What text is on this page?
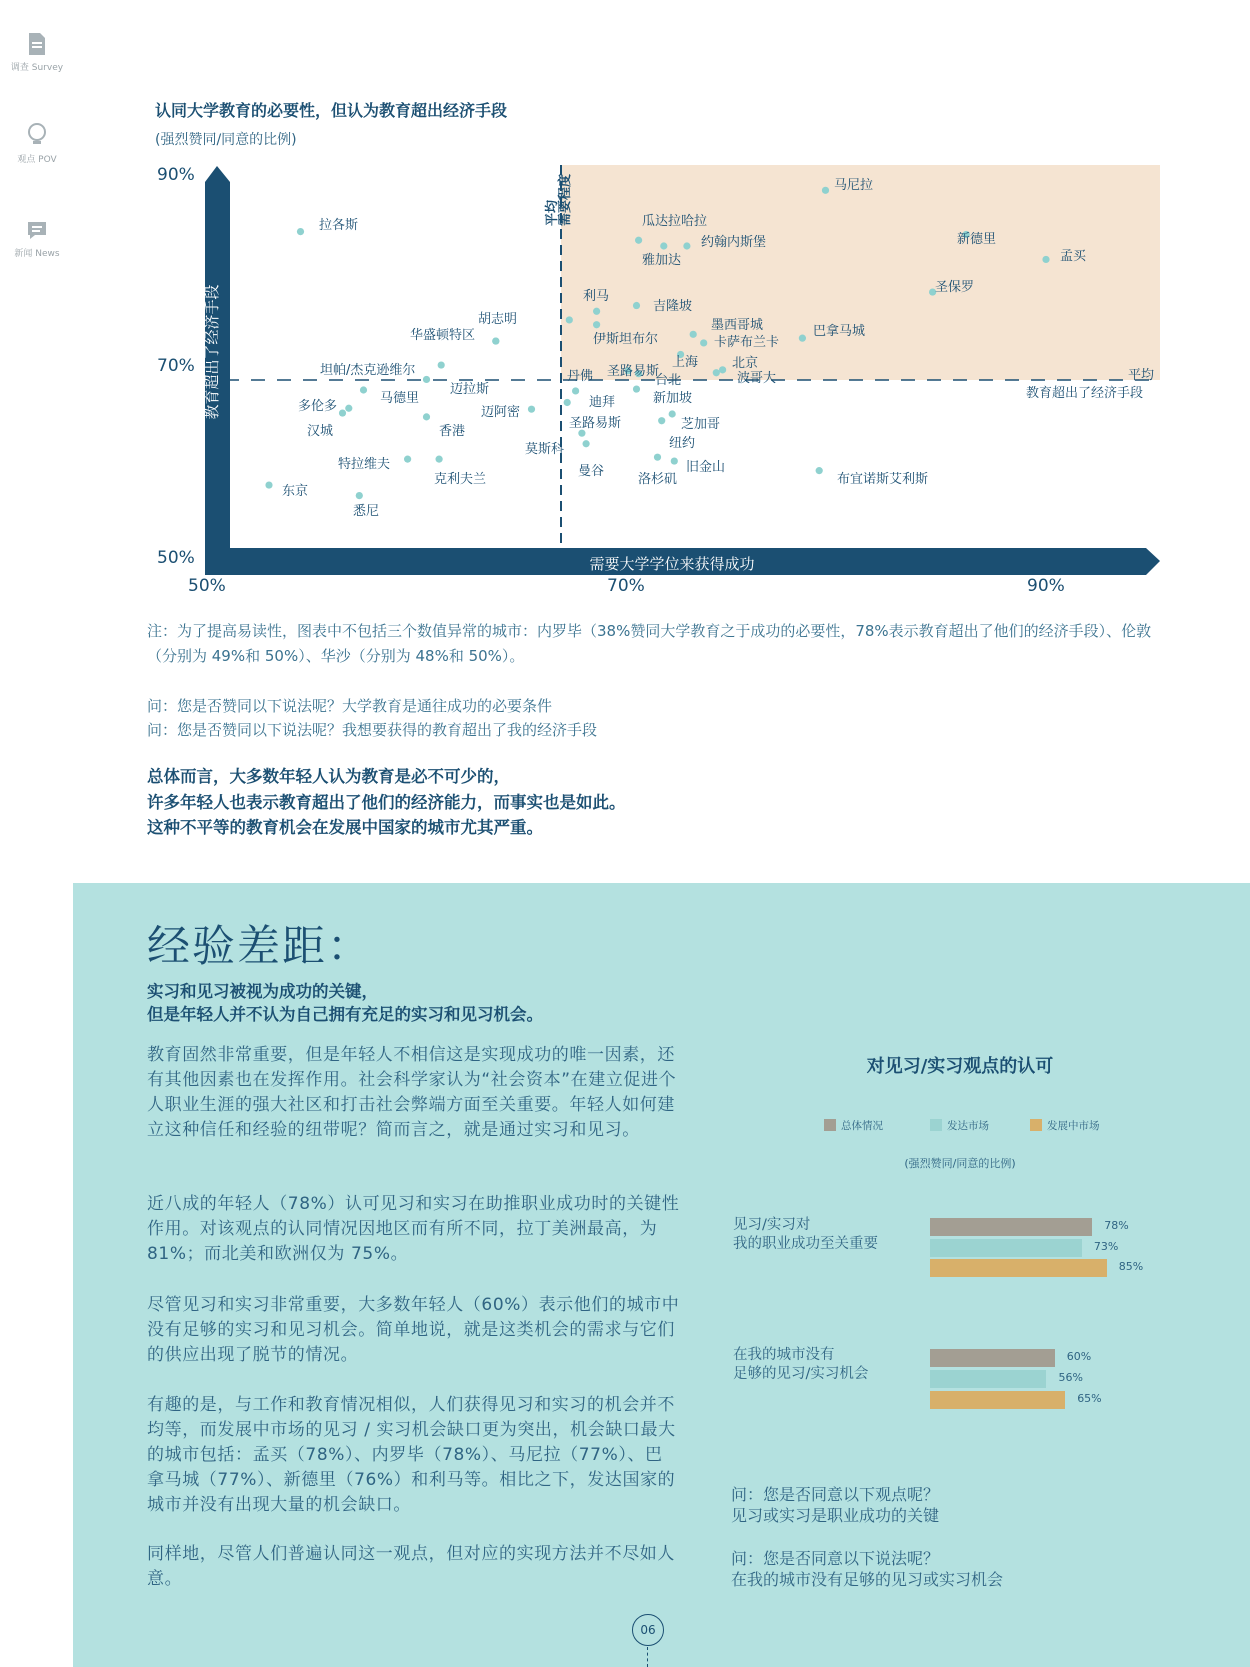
调查 Survey
观点 POV
新闻 News
认同大学教育的必要性，但认为教育超出经济手段
(强烈赞同/同意的比例)
教育超出了经济手段
需要大学学位来获得成功
90%
70%
50%
50%	70%	90%

平均
需要程度

平均
教育超出了经济手段
马尼拉
拉各斯	瓜达拉哈拉
约翰内斯堡
雅加达
新德里
孟买
圣保罗
利马
吉隆坡
墨西哥城	巴拿马城
伊斯坦布尔	卡萨布兰卡
胡志明
华盛顿特区
北京
上海
波哥大
丹佛 圣路易斯
台北
坦帕/杰克逊维尔
迈拉斯
迪拜	新加坡
马德里
多伦多	迈阿密
圣路易斯
汉城	香港	芝加哥
纽约
莫斯科
曼谷
特拉维夫
克利夫兰
旧金山
洛杉矶	布宜诺斯艾利斯
东京
悉尼
注：为了提高易读性，图表中不包括三个数值异常的城市：内罗毕（38%赞同大学教育之于成功的必要性，78%表示教育超出了他们的经济手段）、伦敦（分别为 49%和 50%）、华沙（分别为 48%和 50%）。
问：您是否赞同以下说法呢？大学教育是通往成功的必要条件
问：您是否赞同以下说法呢？我想要获得的教育超出了我的经济手段
总体而言，大多数年轻人认为教育是必不可少的，
许多年轻人也表示教育超出了他们的经济能力，而事实也是如此。
这种不平等的教育机会在发展中国家的城市尤其严重。
经验差距：
实习和见习被视为成功的关键，
但是年轻人并不认为自己拥有充足的实习和见习机会。
教育固然非常重要，但是年轻人不相信这是实现成功的唯一因素，还有其他因素也在发挥作用。社会科学家认为“社会资本”在建立促进个人职业生涯的强大社区和打击社会弊端方面至关重要。年轻人如何建立这种信任和经验的纽带呢？简而言之，就是通过实习和见习。
近八成的年轻人（78%）认可见习和实习在助推职业成功时的关键性作用。对该观点的认同情况因地区而有所不同，拉丁美洲最高，为 81%；而北美和欧洲仅为 75%。
尽管见习和实习非常重要，大多数年轻人（60%）表示他们的城市中没有足够的实习和见习机会。简单地说，就是这类机会的需求与它们的供应出现了脱节的情况。
有趣的是，与工作和教育情况相似，人们获得见习和实习的机会并不均等，而发展中市场的见习 / 实习机会缺口更为突出，机会缺口最大的城市包括：孟买（78%）、内罗毕（78%）、马尼拉（77%）、巴拿马城（77%）、新德里（76%）和利马等。相比之下，发达国家的城市并没有出现大量的机会缺口。
同样地，尽管人们普遍认同这一观点，但对应的实现方法并不尽如人意。
对见习/实习观点的认可
总体情况	发达市场	发展中市场
(强烈赞同/同意的比例)
见习/实习对
我的职业成功至关重要
在我的城市没有
足够的见习/实习机会
78%
73%
85%
60%
56%
65%
问：您是否同意以下观点呢？
见习或实习是职业成功的关键
问：您是否同意以下说法呢？
在我的城市没有足够的见习或实习机会
06
